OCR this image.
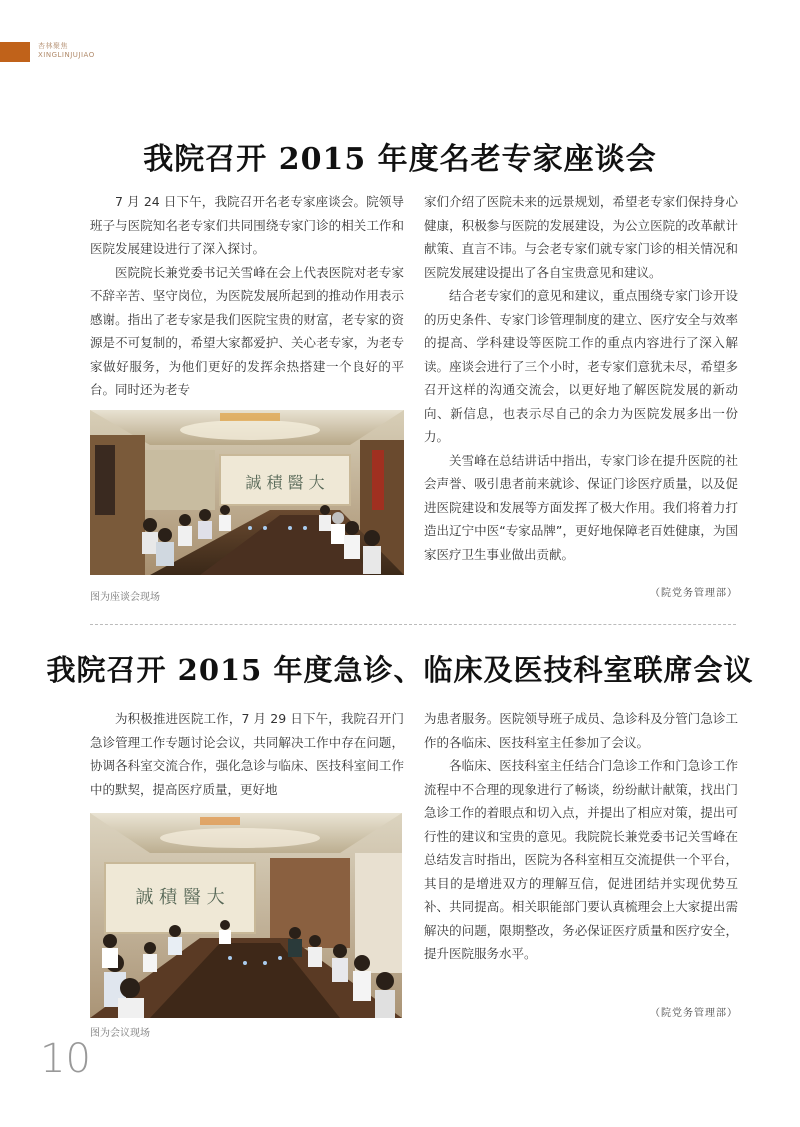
杏林聚焦
XINGLINJUJIAO
我院召开 2015 年度名老专家座谈会

7 月 24 日下午，我院召开名老专家座谈会。院领导班子与医院知名老专家们共同围绕专家门诊的相关工作和医院发展建设进行了深入探讨。

医院院长兼党委书记关雪峰在会上代表医院对老专家不辞辛苦、坚守岗位，为医院发展所起到的推动作用表示感谢。指出了老专家是我们医院宝贵的财富，老专家的资源是不可复制的，希望大家都爱护、关心老专家，为老专家做好服务，为他们更好的发挥余热搭建一个良好的平台。同时还为老专

誠 積 醫 大
图为座谈会现场

家们介绍了医院未来的远景规划，希望老专家们保持身心健康，积极参与医院的发展建设，为公立医院的改革献计献策、直言不讳。与会老专家们就专家门诊的相关情况和医院发展建设提出了各自宝贵意见和建议。

结合老专家们的意见和建议，重点围绕专家门诊开设的历史条件、专家门诊管理制度的建立、医疗安全与效率的提高、学科建设等医院工作的重点内容进行了深入解读。座谈会进行了三个小时，老专家们意犹未尽，希望多召开这样的沟通交流会，以更好地了解医院发展的新动向、新信息，也表示尽自己的余力为医院发展多出一份力。

关雪峰在总结讲话中指出，专家门诊在提升医院的社会声誉、吸引患者前来就诊、保证门诊医疗质量，以及促进医院建设和发展等方面发挥了极大作用。我们将着力打造出辽宁中医“专家品牌”，更好地保障老百姓健康，为国家医疗卫生事业做出贡献。

（院党务管理部）
我院召开 2015 年度急诊、临床及医技科室联席会议

为积极推进医院工作，7 月 29 日下午，我院召开门急诊管理工作专题讨论会议，共同解决工作中存在问题，协调各科室交流合作，强化急诊与临床、医技科室间工作中的默契，提高医疗质量，更好地

誠 積 醫 大
图为会议现场

为患者服务。医院领导班子成员、急诊科及分管门急诊工作的各临床、医技科室主任参加了会议。

各临床、医技科室主任结合门急诊工作和门急诊工作流程中不合理的现象进行了畅谈，纷纷献计献策，找出门急诊工作的着眼点和切入点，并提出了相应对策，提出可行性的建议和宝贵的意见。我院院长兼党委书记关雪峰在总结发言时指出，医院为各科室相互交流提供一个平台，其目的是增进双方的理解互信，促进团结并实现优势互补、共同提高。相关职能部门要认真梳理会上大家提出需解决的问题，限期整改，务必保证医疗质量和医疗安全，提升医院服务水平。

（院党务管理部）
10
